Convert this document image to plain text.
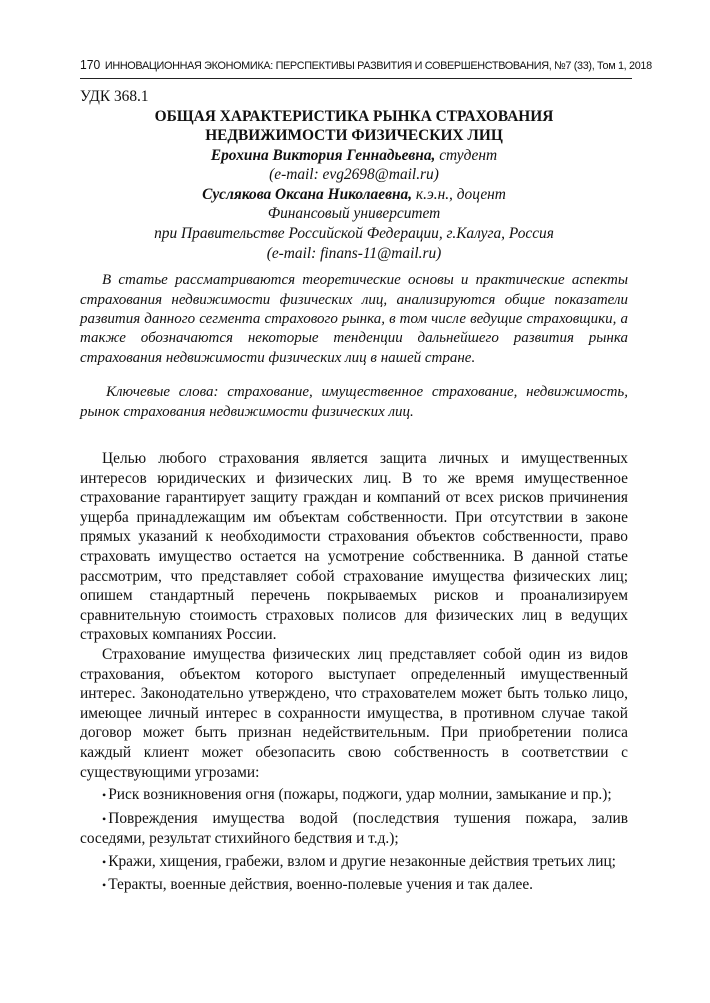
170 ИННОВАЦИОННАЯ ЭКОНОМИКА: ПЕРСПЕКТИВЫ РАЗВИТИЯ И СОВЕРШЕНСТВОВАНИЯ, №7 (33), Том 1, 2018

УДК 368.1

ОБЩАЯ ХАРАКТЕРИСТИКА РЫНКА СТРАХОВАНИЯ

НЕДВИЖИМОСТИ ФИЗИЧЕСКИХ ЛИЦ

Ерохина Виктория Геннадьевна, студент

(e-mail: evg2698@mail.ru)

Суслякова Оксана Николаевна, к.э.н., доцент

Финансовый университет

при Правительстве Российской Федерации, г.Калуга, Россия

(e-mail: finans-11@mail.ru)

В статье рассматриваются теоретические основы и практические аспекты страхования недвижимости физических лиц, анализируются общие показатели развития данного сегмента страхового рынка, в том числе ведущие страховщики, а также обозначаются некоторые тенденции дальнейшего развития рынка страхования недвижимости физических лиц в нашей стране.

Ключевые слова: страхование, имущественное страхование, недвижимость, рынок страхования недвижимости физических лиц.

Целью любого страхования является защита личных и имущественных интересов юридических и физических лиц. В то же время имущественное страхование гарантирует защиту граждан и компаний от всех рисков причинения ущерба принадлежащим им объектам собственности. При отсутствии в законе прямых указаний к необходимости страхования объектов собственности, право страховать имущество остается на усмотрение собственника. В данной статье рассмотрим, что представляет собой страхование имущества физических лиц; опишем стандартный перечень покрываемых рисков и проанализируем сравнительную стоимость страховых полисов для физических лиц в ведущих страховых компаниях России.

Страхование имущества физических лиц представляет собой один из видов страхования, объектом которого выступает определенный имущественный интерес. Законодательно утверждено, что страхователем может быть только лицо, имеющее личный интерес в сохранности имущества, в противном случае такой договор может быть признан недействительным. При приобретении полиса каждый клиент может обезопасить свою собственность в соответствии с существующими угрозами:

• Риск возникновения огня (пожары, поджоги, удар молнии, замыкание и пр.);
• Повреждения имущества водой (последствия тушения пожара, залив соседями, результат стихийного бедствия и т.д.);
• Кражи, хищения, грабежи, взлом и другие незаконные действия третьих лиц;
• Теракты, военные действия, военно-полевые учения и так далее.
